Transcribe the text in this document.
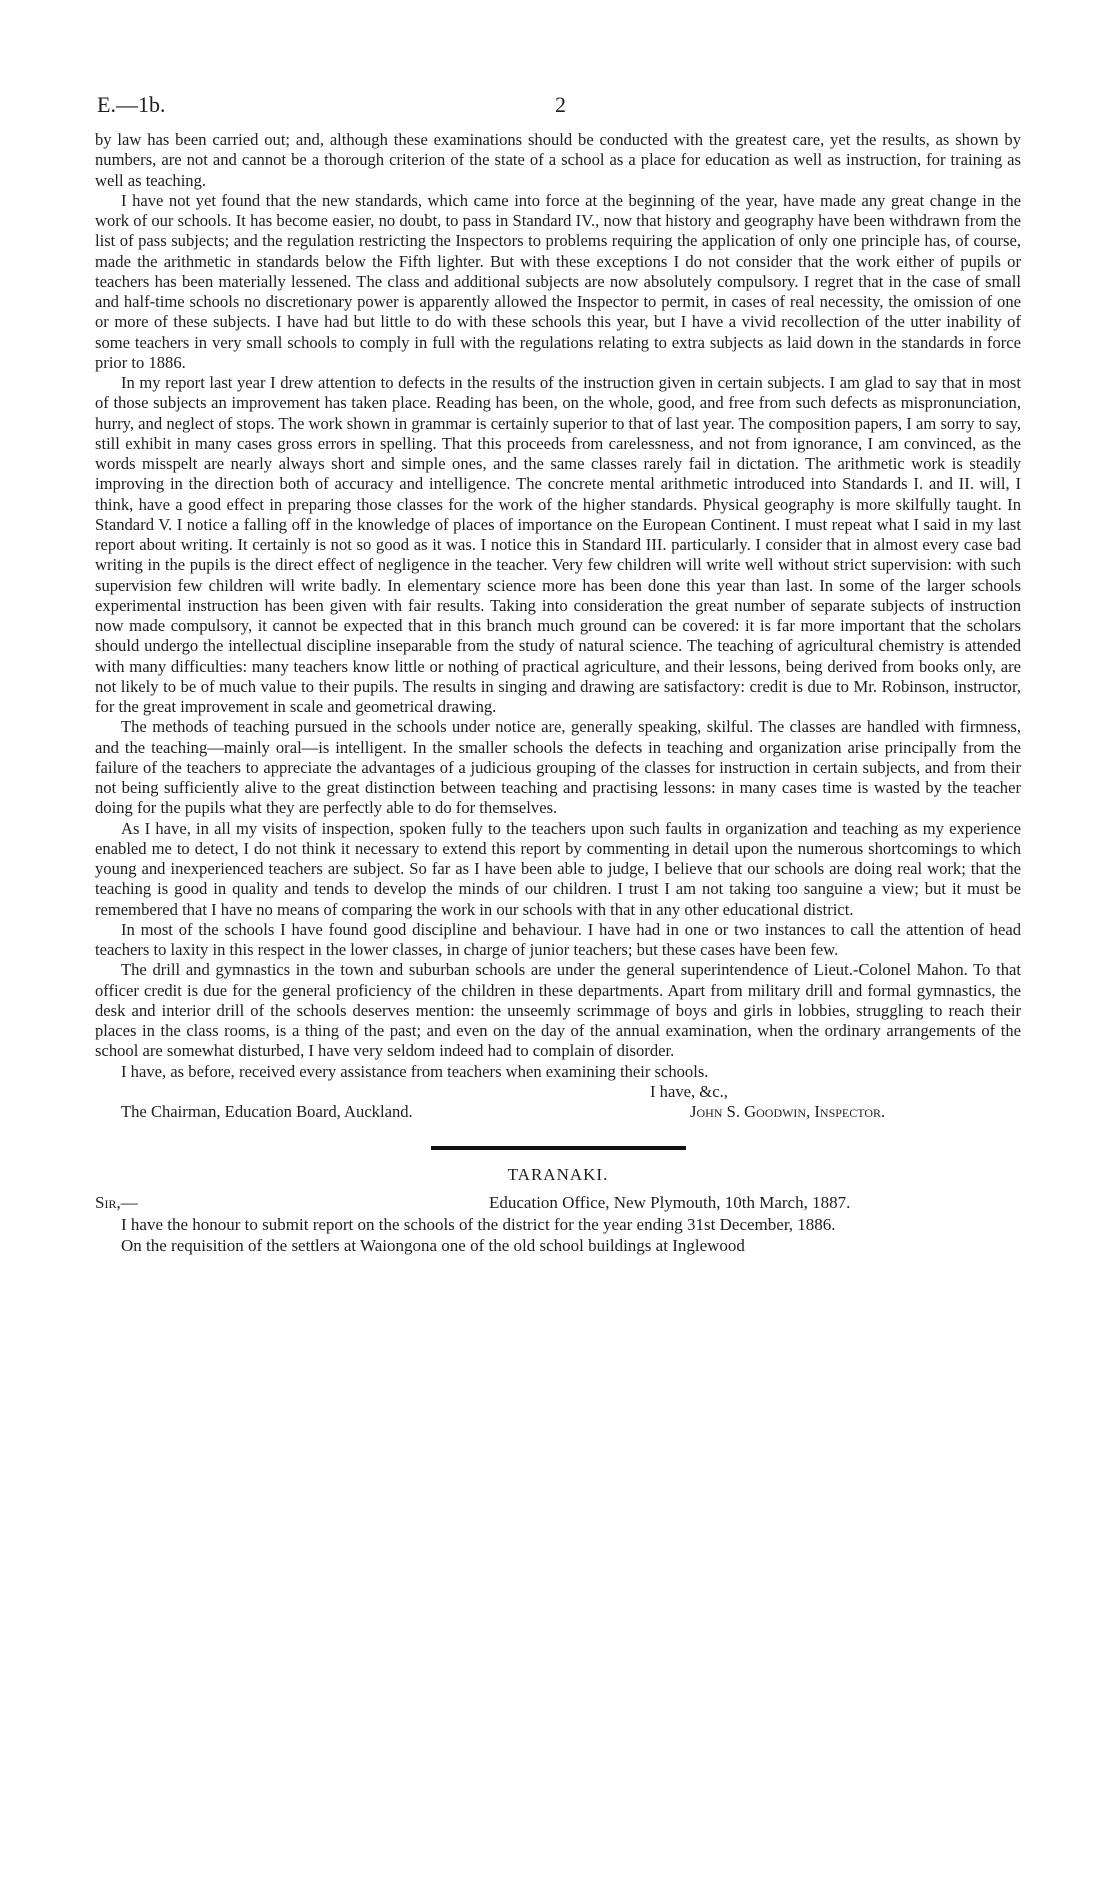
E.—1b.	2

by law has been carried out; and, although these examinations should be conducted with the greatest care, yet the results, as shown by numbers, are not and cannot be a thorough criterion of the state of a school as a place for education as well as instruction, for training as well as teaching.

I have not yet found that the new standards, which came into force at the beginning of the year, have made any great change in the work of our schools. It has become easier, no doubt, to pass in Standard IV., now that history and geography have been withdrawn from the list of pass subjects; and the regulation restricting the Inspectors to problems requiring the application of only one principle has, of course, made the arithmetic in standards below the Fifth lighter. But with these exceptions I do not consider that the work either of pupils or teachers has been materially lessened. The class and additional subjects are now absolutely compulsory. I regret that in the case of small and half-time schools no discretionary power is apparently allowed the Inspector to permit, in cases of real necessity, the omission of one or more of these subjects. I have had but little to do with these schools this year, but I have a vivid recollection of the utter inability of some teachers in very small schools to comply in full with the regulations relating to extra subjects as laid down in the standards in force prior to 1886.

In my report last year I drew attention to defects in the results of the instruction given in certain subjects. I am glad to say that in most of those subjects an improvement has taken place. Reading has been, on the whole, good, and free from such defects as mispronunciation, hurry, and neglect of stops. The work shown in grammar is certainly superior to that of last year. The composition papers, I am sorry to say, still exhibit in many cases gross errors in spelling. That this proceeds from carelessness, and not from ignorance, I am convinced, as the words misspelt are nearly always short and simple ones, and the same classes rarely fail in dictation. The arithmetic work is steadily improving in the direction both of accuracy and intelligence. The concrete mental arithmetic introduced into Standards I. and II. will, I think, have a good effect in preparing those classes for the work of the higher standards. Physical geography is more skilfully taught. In Standard V. I notice a falling off in the knowledge of places of importance on the European Continent. I must repeat what I said in my last report about writing. It certainly is not so good as it was. I notice this in Standard III. particularly. I consider that in almost every case bad writing in the pupils is the direct effect of negligence in the teacher. Very few children will write well without strict supervision: with such supervision few children will write badly. In elementary science more has been done this year than last. In some of the larger schools experimental instruction has been given with fair results. Taking into consideration the great number of separate subjects of instruction now made compulsory, it cannot be expected that in this branch much ground can be covered: it is far more important that the scholars should undergo the intellectual discipline inseparable from the study of natural science. The teaching of agricultural chemistry is attended with many difficulties: many teachers know little or nothing of practical agriculture, and their lessons, being derived from books only, are not likely to be of much value to their pupils. The results in singing and drawing are satisfactory: credit is due to Mr. Robinson, instructor, for the great improvement in scale and geometrical drawing.

The methods of teaching pursued in the schools under notice are, generally speaking, skilful. The classes are handled with firmness, and the teaching—mainly oral—is intelligent. In the smaller schools the defects in teaching and organization arise principally from the failure of the teachers to appreciate the advantages of a judicious grouping of the classes for instruction in certain subjects, and from their not being sufficiently alive to the great distinction between teaching and practising lessons: in many cases time is wasted by the teacher doing for the pupils what they are perfectly able to do for themselves.

As I have, in all my visits of inspection, spoken fully to the teachers upon such faults in organization and teaching as my experience enabled me to detect, I do not think it necessary to extend this report by commenting in detail upon the numerous shortcomings to which young and inexperienced teachers are subject. So far as I have been able to judge, I believe that our schools are doing real work; that the teaching is good in quality and tends to develop the minds of our children. I trust I am not taking too sanguine a view; but it must be remembered that I have no means of comparing the work in our schools with that in any other educational district.

In most of the schools I have found good discipline and behaviour. I have had in one or two instances to call the attention of head teachers to laxity in this respect in the lower classes, in charge of junior teachers; but these cases have been few.

The drill and gymnastics in the town and suburban schools are under the general superintendence of Lieut.-Colonel Mahon. To that officer credit is due for the general proficiency of the children in these departments. Apart from military drill and formal gymnastics, the desk and interior drill of the schools deserves mention: the unseemly scrimmage of boys and girls in lobbies, struggling to reach their places in the class rooms, is a thing of the past; and even on the day of the annual examination, when the ordinary arrangements of the school are somewhat disturbed, I have very seldom indeed had to complain of disorder.

I have, as before, received every assistance from teachers when examining their schools.

I have, &c.,
The Chairman, Education Board, Auckland.	John S. Goodwin, Inspector.
TARANAKI.
Sir,—	Education Office, New Plymouth, 10th March, 1887.

I have the honour to submit report on the schools of the district for the year ending 31st December, 1886.

On the requisition of the settlers at Waiongona one of the old school buildings at Inglewood
